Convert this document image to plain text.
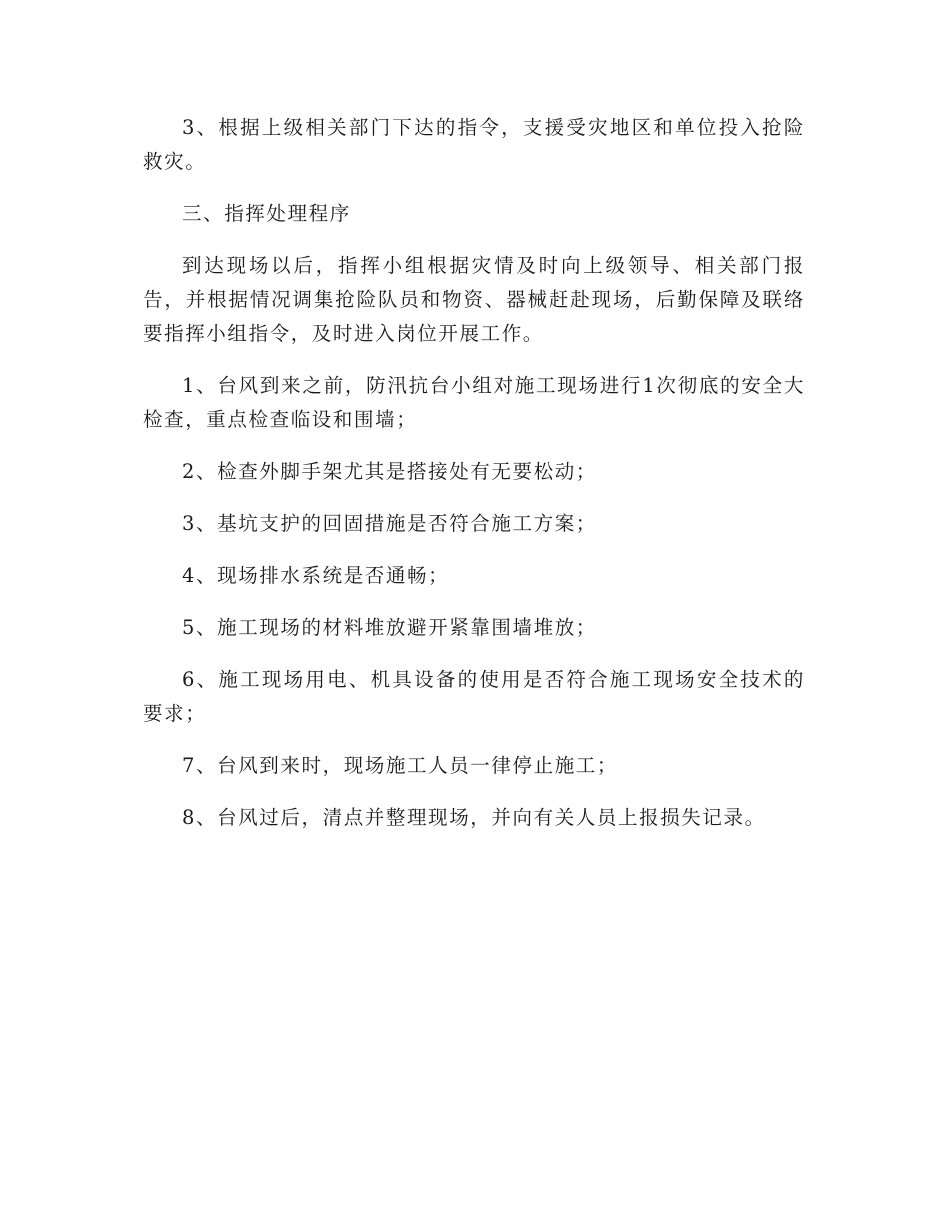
3、根据上级相关部门下达的指令，支援受灾地区和单位投入抢险救灾。

三、指挥处理程序

到达现场以后，指挥小组根据灾情及时向上级领导、相关部门报告，并根据情况调集抢险队员和物资、器械赶赴现场，后勤保障及联络要指挥小组指令，及时进入岗位开展工作。

1、台风到来之前，防汛抗台小组对施工现场进行1次彻底的安全大检查，重点检查临设和围墙；

2、检查外脚手架尤其是搭接处有无要松动；

3、基坑支护的回固措施是否符合施工方案；

4、现场排水系统是否通畅；

5、施工现场的材料堆放避开紧靠围墙堆放；

6、施工现场用电、机具设备的使用是否符合施工现场安全技术的要求；

7、台风到来时，现场施工人员一律停止施工；

8、台风过后，清点并整理现场，并向有关人员上报损失记录。
